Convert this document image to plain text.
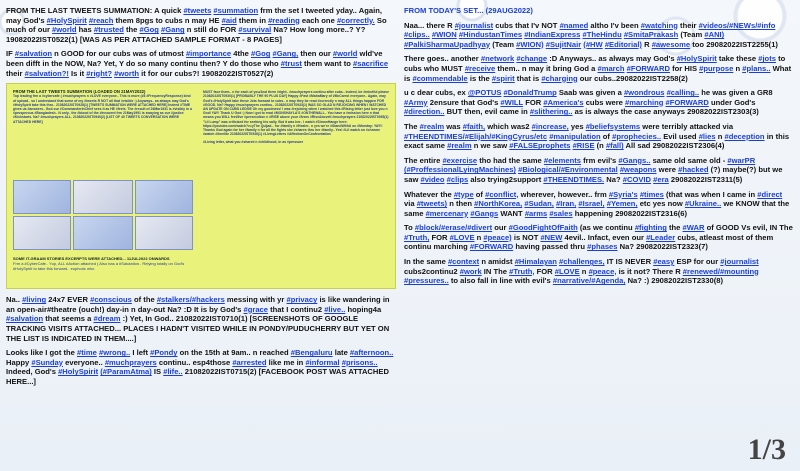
FROM THE LAST TWEETS SUMMATION: A quick #tweets #summation frm the set I tweeted yday.. Again, may God's #HolySpirit #reach them 8pgs to cubs n may HE #aid them in #reading each one #correctly. So much of our #world has #trusted the #Gog #Gang n still do FOR #survival Na? How long more..? Y? 19082022IST0522(1) [WAS AS PER ATTACHED SAMPLE FORMAT - 8 PAGES]

IF #salvation n GOOD for our cubs was of utmost #importance 4the #Gog #Gang, then our #world wld've been difft in the NOW, Na? Yet, Y do so many continu then? Y do those who #trust them want to #sacrifice their #salvation?! Is it #right? #worth it for our cubs?! 19082022IST0527(2)

FROM THE LAST TWEETS SUMMATION (LOADED ON 21MAY2022)
Top leading frm a #cybercafe ( #muchprayers n #LOVE everyone.. This is more (#8 #FrequencyResponse) kind of upload.. so I understand that some of my #tweets R NOT all that #visible :) Anyways.. as always may God's #HolySpirit take this thru.. 21082022IST0928(1) [TWEETS SUMMATION WERE ATTACHED HERE] Indeed #TIME gives us #answers.. God our #CommanderInChief sees it as HE #feels. The #result of 26Mar1931 is #visibly in a #prosperous #Bangladesh.. N only.. the #blood of the #innocent frm 21May1991 is swaying as our #justice #Kickstarts. Na? #muchprayers ALL. 21082022IST0940(2) [LIST OF 40 TWEETS CONVERSATION WERE ATTACHED HERE]
SOME IT-GRAAM STORIES EXCERPTS WERE ATTACHED... 11JUL2022 ONWARDS
Frm a #CyberCafe.. Yup, ALL #Action attached ( Also has a #Salutation.. Relying totally on God's #HolySpirit to take this forward.. euphoric who
MUST face them.. n for each of you/And them #right.. #muchprayers continu after cubs.. Indeed, be #mindful please 21082022IST0930(1) [PROBABLY THE 90 PLUS DAY] Happy #Fast #MahaMary of #McCarrol everyone.. Again, may God's #HolySpirit take these Jots forward to cubs.. n may they be read #correctly n may ALL things happen FOR #GOOD. Na? Happy #muchprayers continu.. 21082022IST0933(1) WAS SO GLAD N REJOICING WHEN I WATCHED AN UPDATE ON CUBS LEDGE Oh my goodness! I was #rejoicing when I watched this #Rising letter just love you n God! YAY! Thank U God :) Now I got to read #MONSHAYLA'S #ONTHEWALL.. You have a #mission here n that means you WILL feel/live #persecution n #RISE above your #fears #RiseAboveIt #muchprayers 21082022IST0935(1) "Lil Lump" was criticized for seeking his sally. But it was her.. I watch #SimonHange here: https://youtube.com/watch?v=yThe Quijad... for #family n #Healer.. n yes we're #StandWithU on #Monday: YAY!! Thanks God again for her #family n for all the fights she #shares thru her #family.. Yes! #Lil watch on #chrome #watch #limelite 21082022IST0936(1) #LivingLetters #AffectionOnConfrontation
#Living letter, what you #shared n #childhood, in as #pressure

Na.. #living 24x7 EVER #conscious of the #stalkers/#hackers messing with yr #privacy is like wandering in an open-air#theatre (ouch!) day-in n day-out Na? :D It is by God's #grace that I continu2 #live.. hoping4a #salvation that seems a #dream :) Yet, In God.. 21082022IST0710(1) [SCREENSHOTS OF GOOGLE TRACKING VISITS ATTACHED... PLACES I HADN'T VISITED WHILE IN PONDY/PUDUCHERRY BUT YET ON THE LIST IS INDICATED IN THEM....]

Looks like I got the #time #wrong.. I left #Pondy on the 15th at 9am.. n reached #Bengaluru late #afternoon.. Happy #Sunday everyone.. #muchprayers continu.. esp4those #arrested like me in #informal #prisons.. Indeed, God's #HolySpirit (#ParamAtma) IS #life.. 21082022IST0715(2) [FACEBOOK POST WAS ATTACHED HERE...]

FROM TODAY'S SET... (29AUG2022)

Naa... there R #journalist cubs that I'v NOT #named altho I'v been #watching their #videos/#NEWs/#info #clips.. #WION #HindustanTimes #IndianExpress #TheHindu #SmitaPrakash (Team #ANI) #PalkiSharmaUpadhyay (Team #WION) #SujitNair (#HW #Editorial) R #awesome too 29082022IST2255(1)

There goes.. another #network #change :D Anyways.. as always may God's #HolySpirit take these #jots to cubs who MUST #receive them.. n may it bring God a #march #FORWARD for HIS #purpose n #plans.. What is #commendable is the #spirit that is #charging our cubs..29082022IST2258(2)

u c dear cubs, ex @POTUS #DonaldTrump Saab was given a #wondrous #calling.. he was given a GR8 #Army 2ensure that God's #WILL FOR #America's cubs were #marching #FORWARD under God's #direction.. BUT then, evil came in #slithering.. as is always the case anyways 29082022IST2303(3)

The #realm was #faith, which was2 #increase, yes #beliefsystems were terribly attacked via #THEENDTIMES/#Elijah/#KingCyrus/etc #manipulation of #prophecies.. Evil used #lies n #deception in this exact same #realm n we saw #FALSEprophets #RISE (n #fall) All sad 29082022IST2306(4)

The entire #exercise tho had the same #elements frm evil's #Gangs.. same old same old - #warPR (#ProffessionalLyingMachines) #Biological/#Environmental #weapons were #hacked (?) maybe(?) but we saw #video #clips also trying2support #THEENDTIMES. Na? #COVID #era 29082022IST2311(5)

Whatever the #type of #conflict, wherever, however.. frm #Syria's #times (that was when I came in #direct via #tweets) n then #NorthKorea, #Sudan, #Iran, #Israel, #Yemen, etc yes now #Ukraine.. we KNOW that the same #mercenary #Gangs WANT #arms #sales happening 29082022IST2316(6)

To #block/#erase/#divert our #GoodFightOfFaith (as we continu #fighting the #WAR of GOOD Vs evil, IN The #Truth, FOR #LOVE n #peace) is NOT #NEW 4evil.. Infact, even our #Leader cubs, atleast most of them continu marching #FORWARD having passed thru #phases Na? 29082022IST2323(7)

In the same #context n amidst #Himalayan #challenges, IT IS NEVER #easy ESP for our #journalist cubs2continu2 #work IN The #Truth, FOR #LOVE n #peace, is it not? There R #renewed/#mounting #pressures.. to also fall in line with evil's #narrative/#Agenda, Na? :) 29082022IST2330(8)

1/3
